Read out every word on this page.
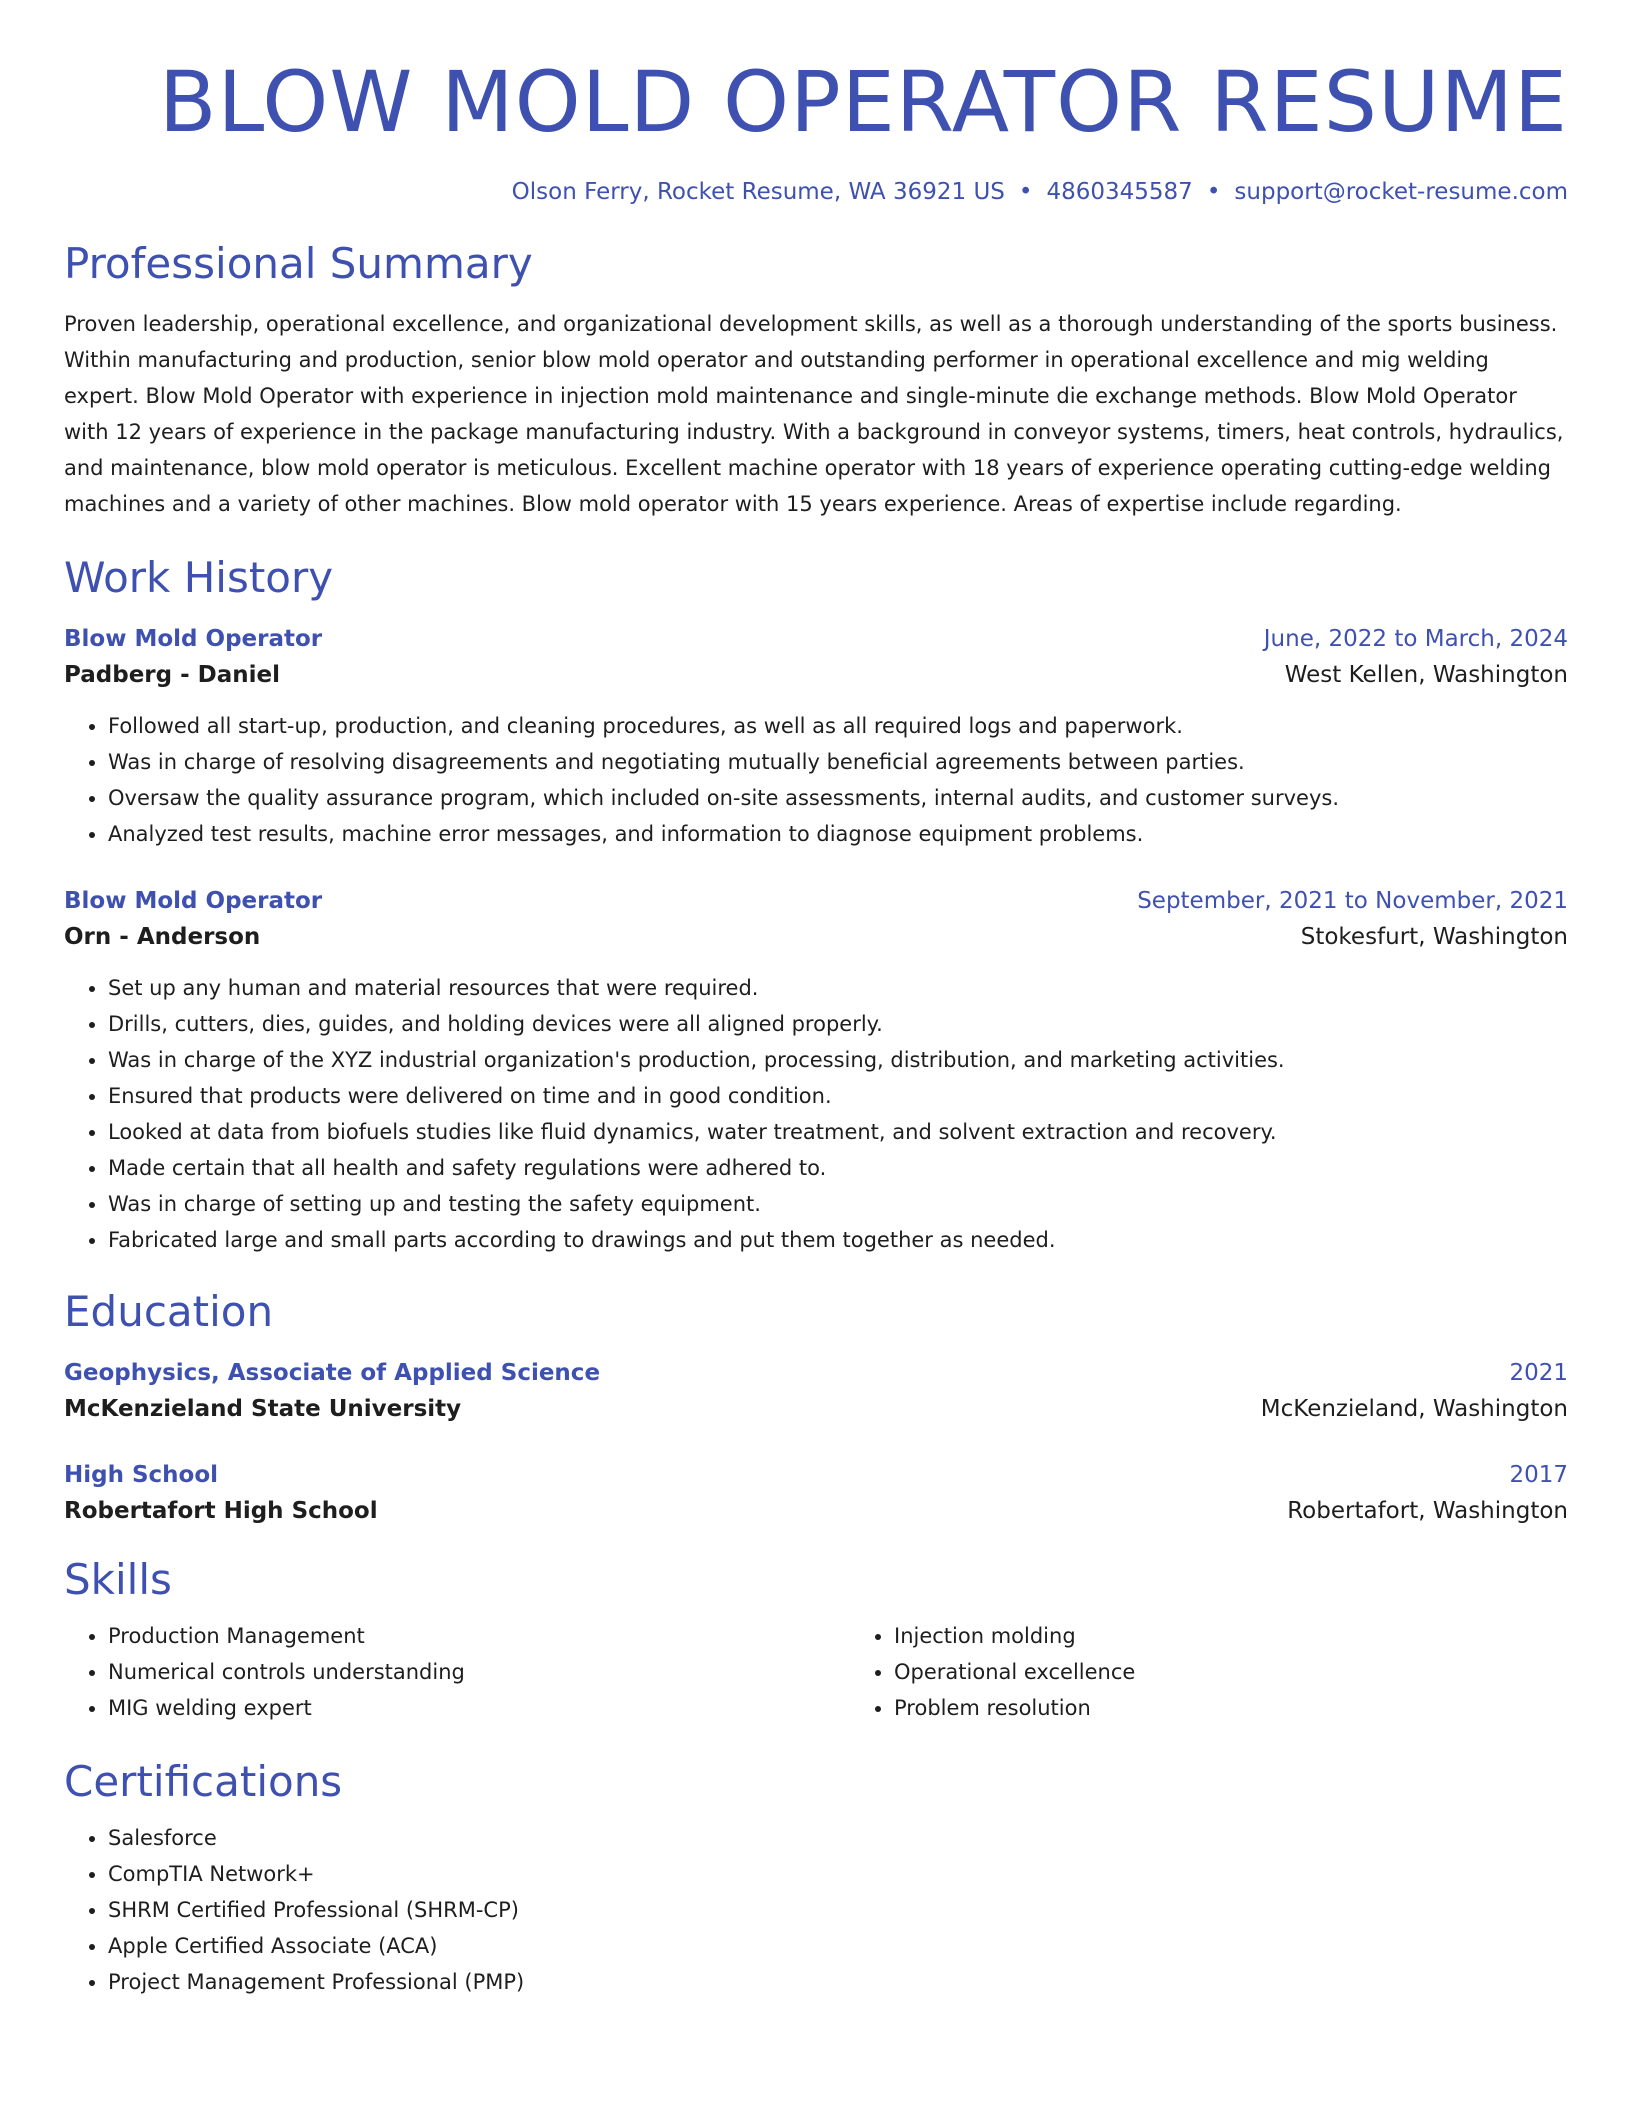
BLOW MOLD OPERATOR RESUME
Olson Ferry, Rocket Resume, WA 36921 US • 4860345587 • support@rocket-resume.com
Professional Summary

Proven leadership, operational excellence, and organizational development skills, as well as a thorough understanding of the sports business. Within manufacturing and production, senior blow mold operator and outstanding performer in operational excellence and mig welding expert. Blow Mold Operator with experience in injection mold maintenance and single-minute die exchange methods. Blow Mold Operator with 12 years of experience in the package manufacturing industry. With a background in conveyor systems, timers, heat controls, hydraulics, and maintenance, blow mold operator is meticulous. Excellent machine operator with 18 years of experience operating cutting-edge welding machines and a variety of other machines. Blow mold operator with 15 years experience. Areas of expertise include regarding.

Work History
Blow Mold Operator	June, 2022 to March, 2024
Padberg - Daniel	West Kellen, Washington
• Followed all start-up, production, and cleaning procedures, as well as all required logs and paperwork.
• Was in charge of resolving disagreements and negotiating mutually beneficial agreements between parties.
• Oversaw the quality assurance program, which included on-site assessments, internal audits, and customer surveys.
• Analyzed test results, machine error messages, and information to diagnose equipment problems.
Blow Mold Operator	September, 2021 to November, 2021
Orn - Anderson	Stokesfurt, Washington
• Set up any human and material resources that were required.
• Drills, cutters, dies, guides, and holding devices were all aligned properly.
• Was in charge of the XYZ industrial organization's production, processing, distribution, and marketing activities.
• Ensured that products were delivered on time and in good condition.
• Looked at data from biofuels studies like fluid dynamics, water treatment, and solvent extraction and recovery.
• Made certain that all health and safety regulations were adhered to.
• Was in charge of setting up and testing the safety equipment.
• Fabricated large and small parts according to drawings and put them together as needed.
Education
Geophysics, Associate of Applied Science	2021
McKenzieland State University	McKenzieland, Washington
High School	2017
Robertafort High School	Robertafort, Washington
Skills
• Production Management
• Numerical controls understanding
• MIG welding expert
• Injection molding
• Operational excellence
• Problem resolution
Certifications
• Salesforce
• CompTIA Network+
• SHRM Certified Professional (SHRM-CP)
• Apple Certified Associate (ACA)
• Project Management Professional (PMP)
